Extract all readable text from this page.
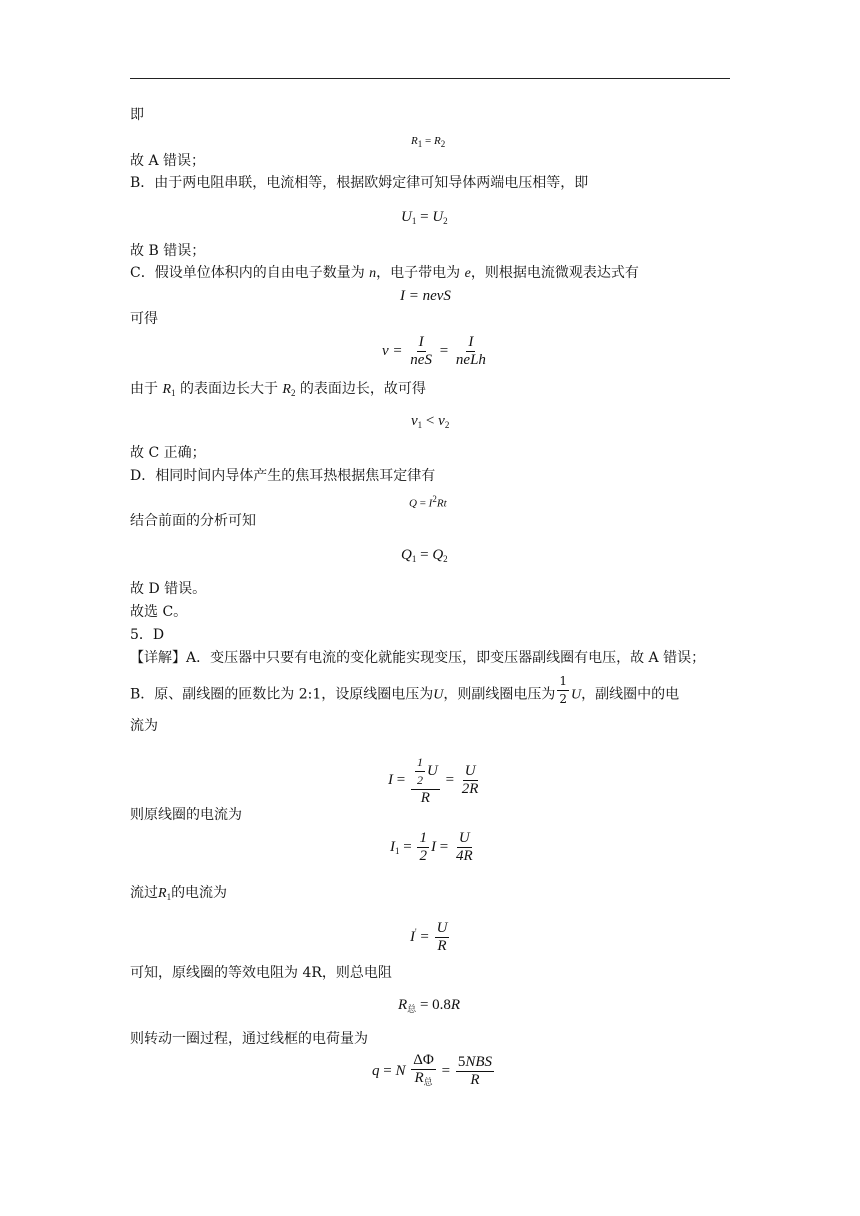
即
$R_1 = R_2$
故 A 错误；
B．由于两电阻串联，电流相等，根据欧姆定律可知导体两端电压相等，即
$U_1 = U_2$
故 B 错误；
C．假设单位体积内的自由电子数量为 n，电子带电为 e，则根据电流微观表达式有
I = nevS
可得
$v = \frac{I}{\text{neS}} = \frac{I}{\text{neLh}}$
由于 $R_1$ 的表面边长大于 $R_2$ 的表面边长，故可得
$v_1 < v_2$
故 C 正确；
D．相同时间内导体产生的焦耳热根据焦耳定律有
$Q = I^2Rt$
结合前面的分析可知
$Q_1 = Q_2$
故 D 错误。
故选 C。
5．D
【详解】A．变压器中只要有电流的变化就能实现变压，即变压器副线圈有电压，故 A 错误；
B．原、副线圈的匝数比为 2:1，设原线圈电压为U，则副线圈电压为 $\frac{1}{2}$ U，副线圈中的电
流为
$I = \frac{\frac{1}{2} U}{R} = \frac{U}{2R}$
则原线圈的电流为
$I_1 = \frac{1}{2}$ $I = \frac{U}{4R}$
流过$R_1$的电流为
$I' = \frac{U}{R}$
可知，原线圈的等效电阻为 4R，则总电阻
$R_总 = 0.8R$
则转动一圈过程，通过线框的电荷量为
q = N $\frac{\Delta\Phi}{R_总} = \frac{\text{5NBS}}{R}$
